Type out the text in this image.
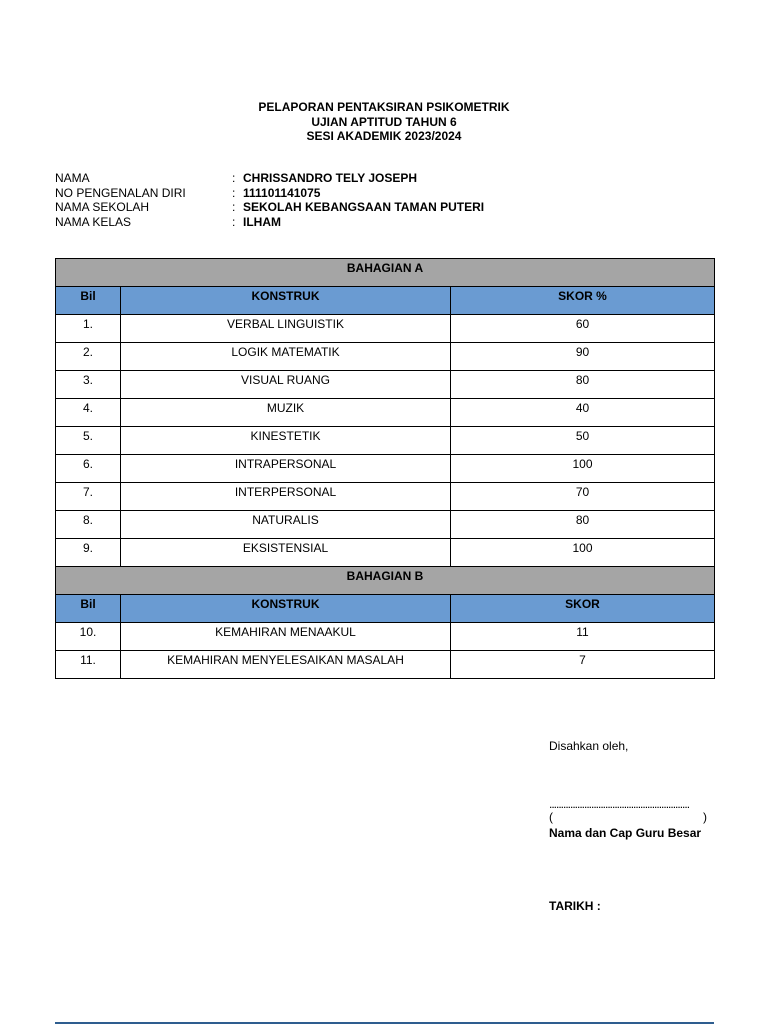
PELAPORAN PENTAKSIRAN PSIKOMETRIK
UJIAN APTITUD TAHUN 6
SESI AKADEMIK 2023/2024
NAMA	: CHRISSANDRO TELY JOSEPH
NO PENGENALAN DIRI	: 111101141075
NAMA SEKOLAH	: SEKOLAH KEBANGSAAN TAMAN PUTERI
NAMA KELAS	: ILHAM
BAHAGIAN A		
Bil	KONSTRUK	SKOR %
1.	VERBAL LINGUISTIK	60
2.	LOGIK MATEMATIK	90
3.	VISUAL RUANG	80
4.	MUZIK	40
5.	KINESTETIK	50
6.	INTRAPERSONAL	100
7.	INTERPERSONAL	70
8.	NATURALIS	80
9.	EKSISTENSIAL	100
BAHAGIAN B		
Bil	KONSTRUK	SKOR
10.	KEMAHIRAN MENAAKUL	11
11.	KEMAHIRAN MENYELESAIKAN MASALAH	7
Disahkan oleh,
............................................................
(	)
Nama dan Cap Guru Besar
TARIKH :
